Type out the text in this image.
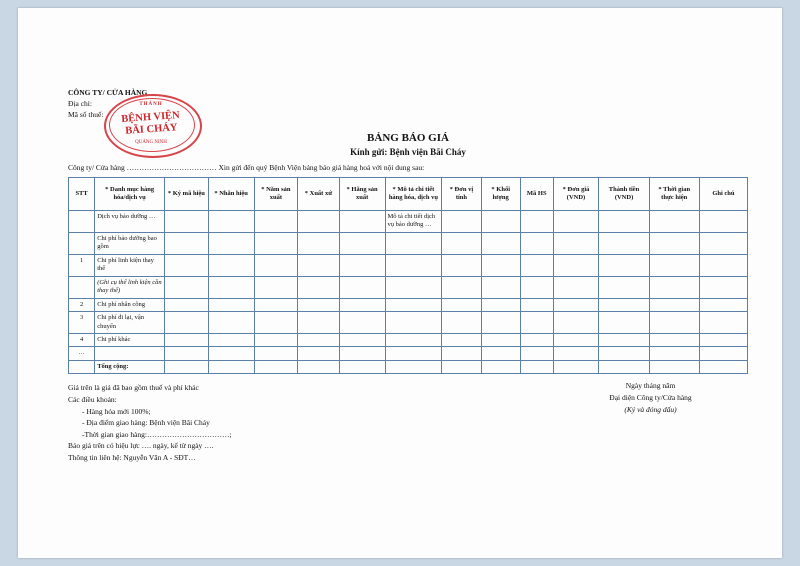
CÔNG TY/ CỬA HÀNG
Địa chỉ:
Mã số thuế:
THÀNH
BỆNH VIỆN
BÃI CHÁY
QUẢNG NINH	BẢNG BÁO GIÁ
Kính gửi: Bệnh viện Bãi Cháy
Công ty/ Cửa hàng ……………………………… Xin gửi đến quý Bệnh Viện bảng báo giá hàng hoá với nội dung sau:
STT	* Danh mục hàng hóa/dịch vụ	* Ký mã hiệu	* Nhãn hiệu	* Năm sản xuất	* Xuất xứ	* Hãng sản xuất	* Mô tả chi tiết hàng hóa, dịch vụ	* Đơn vị tính	* Khối lượng	Mã HS	* Đơn giá (VND)	Thành tiền (VND)	* Thời gian thực hiện	Ghi chú
	Dịch vụ bảo dưỡng …						Mô tả chi tiết dịch vụ bảo dưỡng …							
	Chi phí bảo dưỡng bao gồm													
1	Chi phí linh kiện thay thế													
	(Ghi cụ thể linh kiện cần thay thế)													
2	Chi phí nhân công													
3	Chi phí đi lại, vận chuyển													
4	Chi phí khác													
…														
	Tổng cộng:													
Giá trên là giá đã bao gồm thuế và phí khác
Các điều khoản:
- Hàng hóa mới 100%;
- Địa điểm giao hàng: Bệnh viện Bãi Cháy
-Thời gian giao hàng:……………………………;
Báo giá trên có hiệu lực …. ngày, kể từ ngày ….
Thông tin liên hệ: Nguyễn Văn A - SĐT…
Ngày tháng năm
Đại diện Công ty/Cửa hàng
(Ký và đóng dấu)
